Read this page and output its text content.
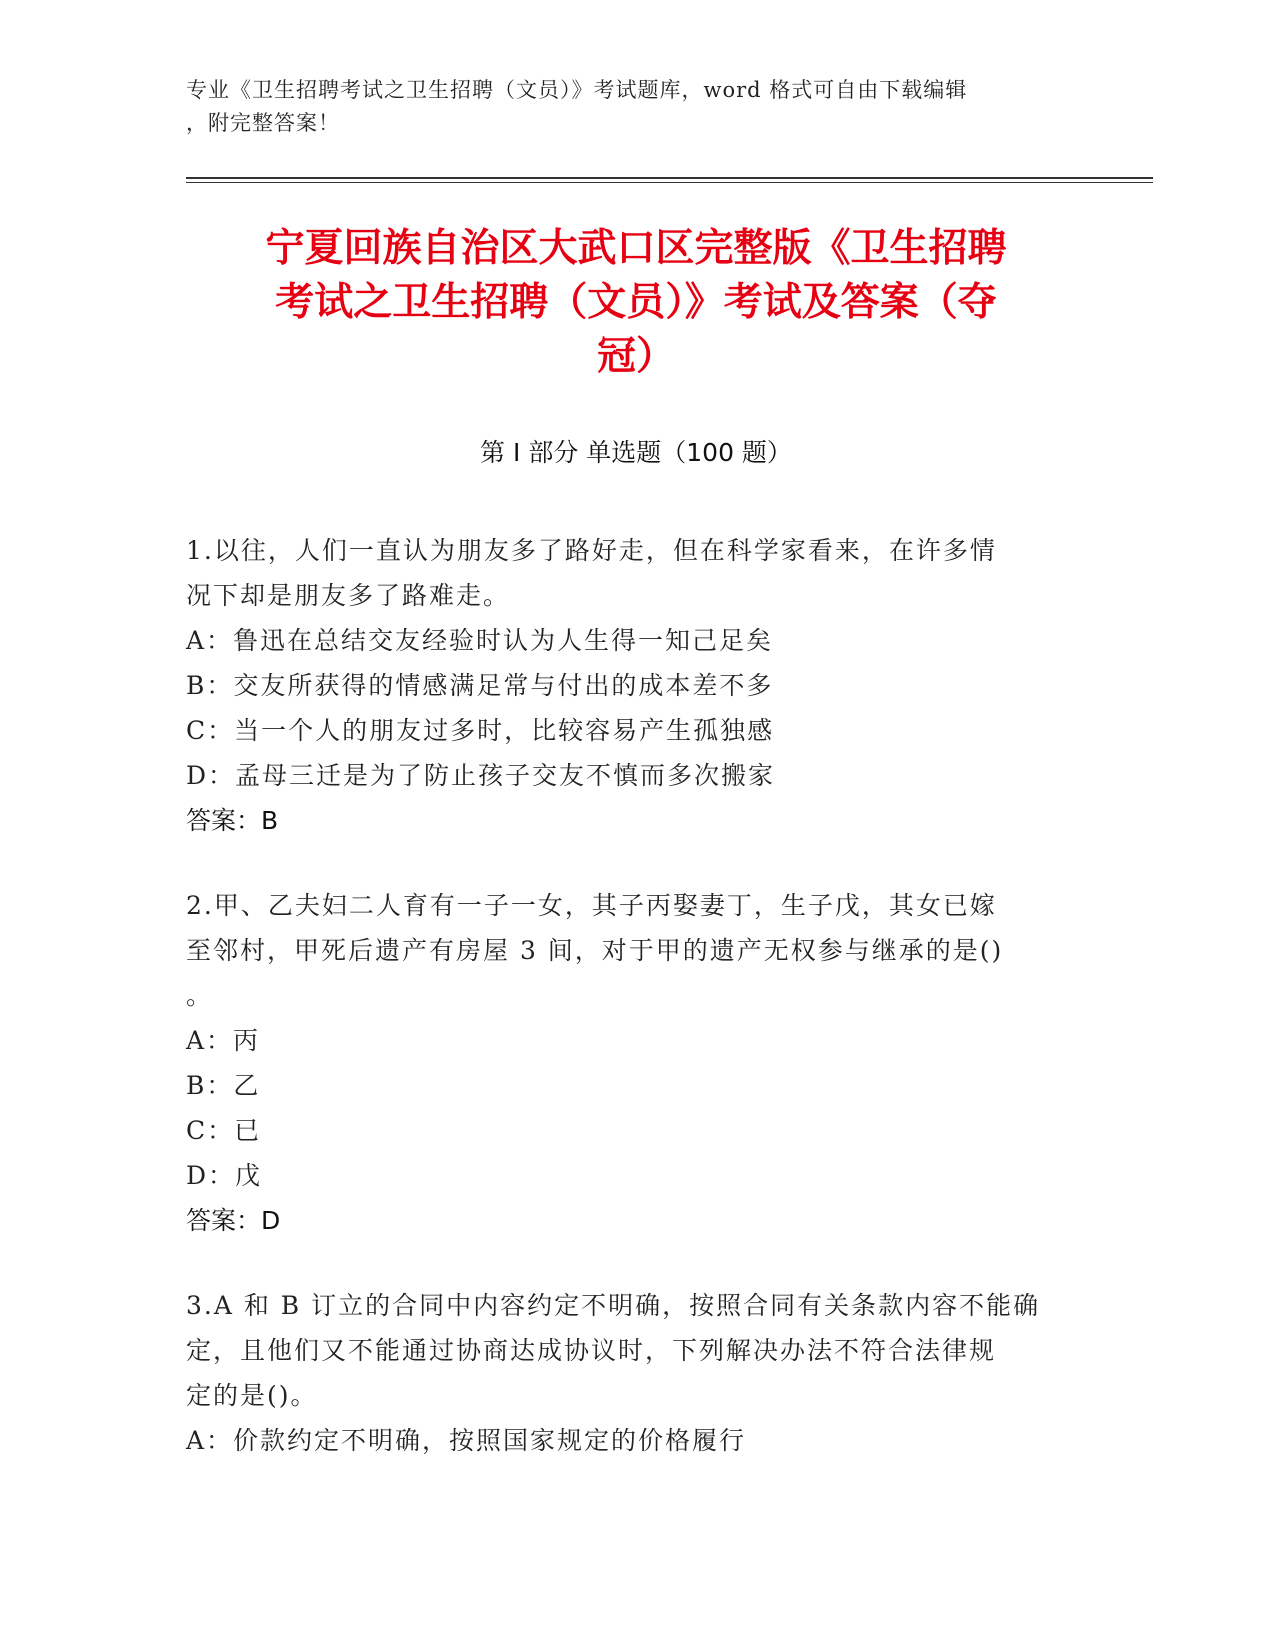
专业《卫生招聘考试之卫生招聘（文员）》考试题库，word 格式可自由下载编辑
，附完整答案！
宁夏回族自治区大武口区完整版《卫生招聘
考试之卫生招聘（文员）》考试及答案（夺
冠）
第 I 部分 单选题（100 题）
1.以往，人们一直认为朋友多了路好走，但在科学家看来，在许多情
况下却是朋友多了路难走。
A：鲁迅在总结交友经验时认为人生得一知己足矣
B：交友所获得的情感满足常与付出的成本差不多
C：当一个人的朋友过多时，比较容易产生孤独感
D：孟母三迁是为了防止孩子交友不慎而多次搬家
答案：B
2.甲、乙夫妇二人育有一子一女，其子丙娶妻丁，生子戊，其女已嫁
至邻村，甲死后遗产有房屋 3 间，对于甲的遗产无权参与继承的是()
。
A：丙
B：乙
C：已
D：戊
答案：D
3.A 和 B 订立的合同中内容约定不明确，按照合同有关条款内容不能确
定，且他们又不能通过协商达成协议时，下列解决办法不符合法律规
定的是()。
A：价款约定不明确，按照国家规定的价格履行
